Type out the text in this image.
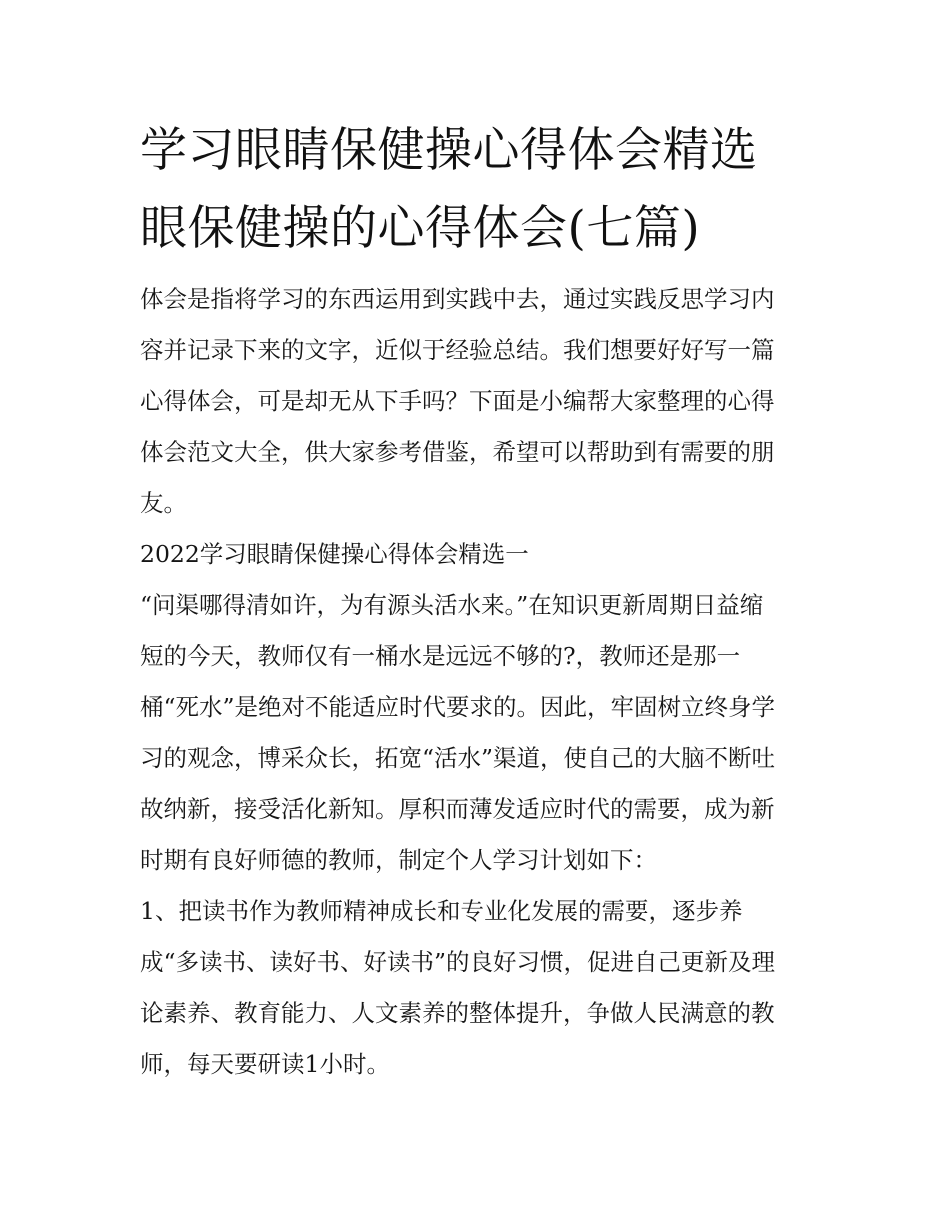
学习眼睛保健操心得体会精选
眼保健操的心得体会(七篇)

体会是指将学习的东西运用到实践中去，通过实践反思学习内
容并记录下来的文字，近似于经验总结。我们想要好好写一篇
心得体会，可是却无从下手吗？下面是小编帮大家整理的心得
体会范文大全，供大家参考借鉴，希望可以帮助到有需要的朋
友。

2022学习眼睛保健操心得体会精选一

“问渠哪得清如许，为有源头活水来。”在知识更新周期日益缩
短的今天，教师仅有一桶水是远远不够的?，教师还是那一
桶“死水”是绝对不能适应时代要求的。因此，牢固树立终身学
习的观念，博采众长，拓宽“活水”渠道，使自己的大脑不断吐
故纳新，接受活化新知。厚积而薄发适应时代的需要，成为新
时期有良好师德的教师，制定个人学习计划如下：

1、把读书作为教师精神成长和专业化发展的需要，逐步养
成“多读书、读好书、好读书”的良好习惯，促进自己更新及理
论素养、教育能力、人文素养的整体提升，争做人民满意的教
师，每天要研读1小时。
